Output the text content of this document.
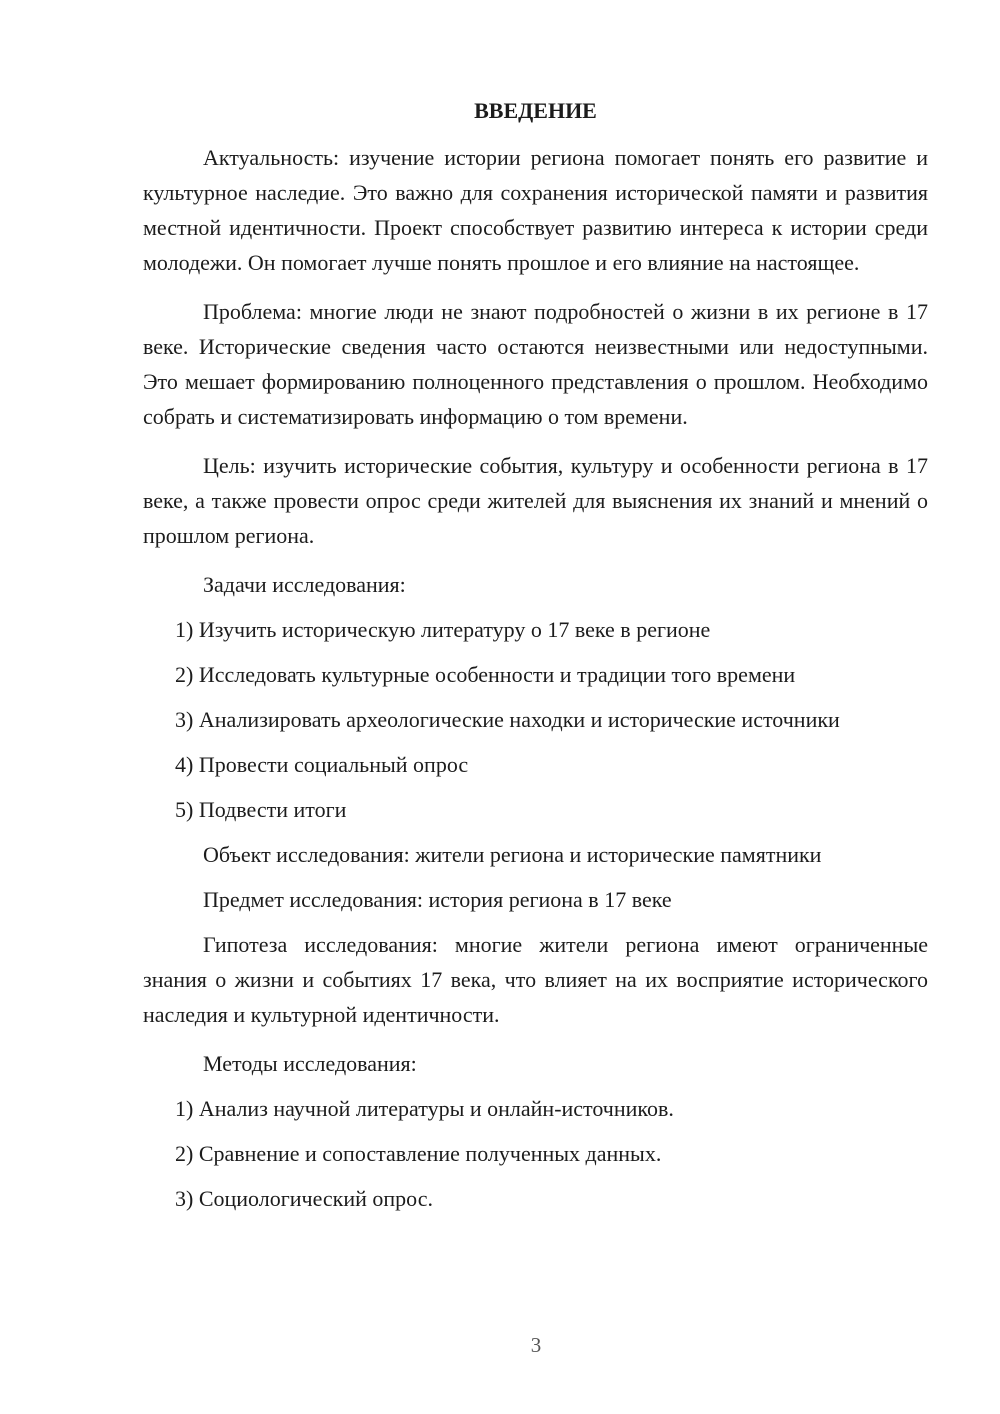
ВВЕДЕНИЕ

Актуальность: изучение истории региона помогает понять его развитие и культурное наследие. Это важно для сохранения исторической памяти и развития местной идентичности. Проект способствует развитию интереса к истории среди молодежи. Он помогает лучше понять прошлое и его влияние на настоящее.

Проблема: многие люди не знают подробностей о жизни в их регионе в 17 веке. Исторические сведения часто остаются неизвестными или недоступными. Это мешает формированию полноценного представления о прошлом. Необходимо собрать и систематизировать информацию о том времени.

Цель: изучить исторические события, культуру и особенности региона в 17 веке, а также провести опрос среди жителей для выяснения их знаний и мнений о прошлом региона.

Задачи исследования:
1) Изучить историческую литературу о 17 веке в регионе
2) Исследовать культурные особенности и традиции того времени
3) Анализировать археологические находки и исторические источники
4) Провести социальный опрос
5) Подвести итоги
Объект исследования: жители региона и исторические памятники
Предмет исследования: история региона в 17 веке

Гипотеза исследования: многие жители региона имеют ограниченные знания о жизни и событиях 17 века, что влияет на их восприятие исторического наследия и культурной идентичности.

Методы исследования:
1) Анализ научной литературы и онлайн-источников.
2) Сравнение и сопоставление полученных данных.
3) Социологический опрос.
3
